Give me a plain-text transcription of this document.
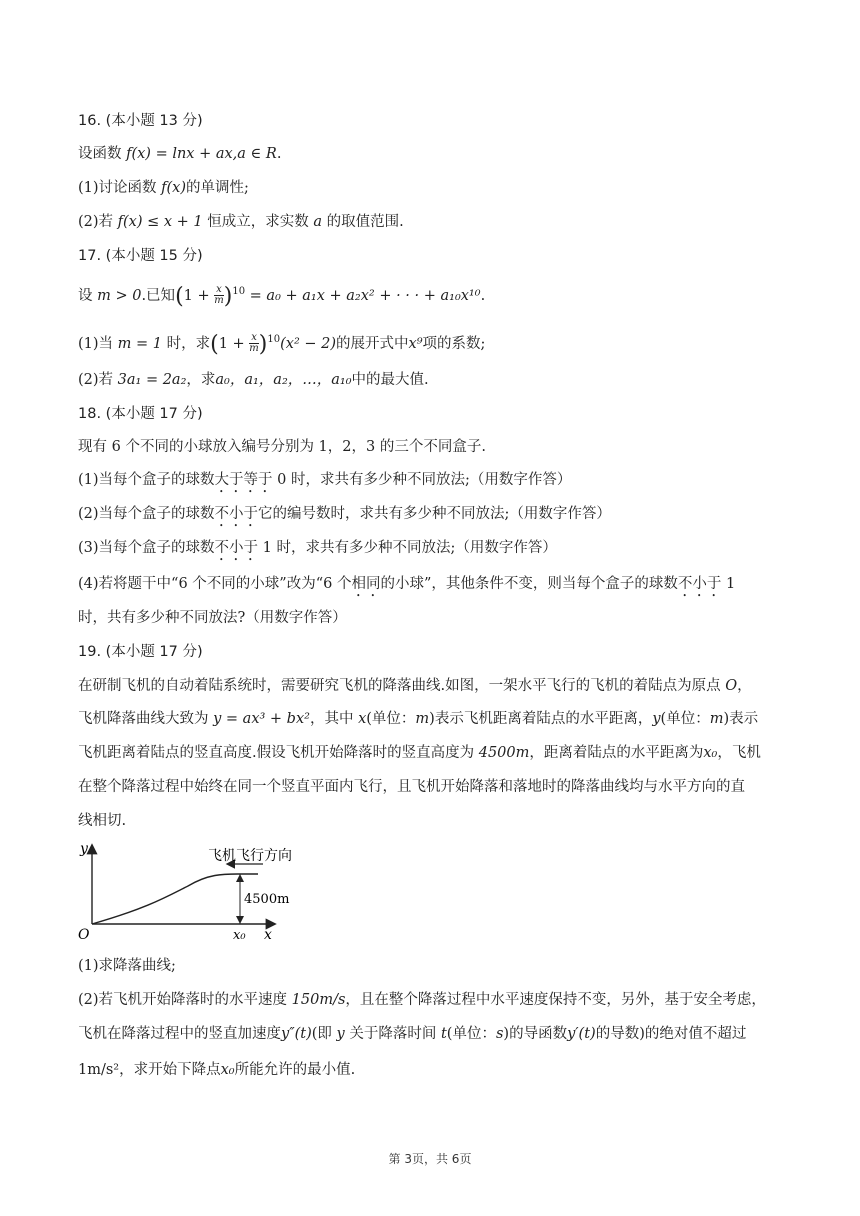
16. (本小题 13 分)
设函数 f(x) = lnx + ax,a ∈ R.
(1)讨论函数 f(x)的单调性;
(2)若 f(x) ≤ x + 1 恒成立，求实数 a 的取值范围.
17. (本小题 15 分)
设 m > 0.已知$(1 + \frac{x}{m} )^{10} = a_0 + a_1x + a_2x^2$ + · · · + a₁₀x¹⁰.
(1)当 m = 1 时，求$(1 + \frac{x}{m} )^{10}(x^2 - 2)$的展开式中x⁹项的系数;
(2)若 3a₁ = 2a₂，求a₀，a₁，a₂，…，a₁₀中的最大值.
18. (本小题 17 分)
现有 6 个不同的小球放入编号分别为 1，2，3 的三个不同盒子.
(1)当每个盒子的球数大于等于 0 时，求共有多少种不同放法;（用数字作答）
(2)当每个盒子的球数不小于它的编号数时，求共有多少种不同放法;（用数字作答）
(3)当每个盒子的球数不小于 1 时，求共有多少种不同放法;（用数字作答）
(4)若将题干中“6 个不同的小球”改为“6 个相同的小球”，其他条件不变，则当每个盒子的球数不小于 1
时，共有多少种不同放法?（用数字作答）
19. (本小题 17 分)
在研制飞机的自动着陆系统时，需要研究飞机的降落曲线.如图，一架水平飞行的飞机的着陆点为原点 O，
飞机降落曲线大致为 y = ax³ + bx²，其中 x(单位：m)表示飞机距离着陆点的水平距离，y(单位：m)表示
飞机距离着陆点的竖直高度.假设飞机开始降落时的竖直高度为 4500m，距离着陆点的水平距离为x₀，飞机
在整个降落过程中始终在同一个竖直平面内飞行，且飞机开始降落和落地时的降落曲线均与水平方向的直
线相切.
飞机飞行方向
4500m
y
O	x₀ x
(1)求降落曲线;
(2)若飞机开始降落时的水平速度 150m/s，且在整个降落过程中水平速度保持不变，另外，基于安全考虑，
飞机在降落过程中的竖直加速度y″(t)(即 y 关于降落时间 t(单位：s)的导函数y′(t)的导数)的绝对值不超过
1m/s²，求开始下降点x₀所能允许的最小值.
第 3页，共 6页
